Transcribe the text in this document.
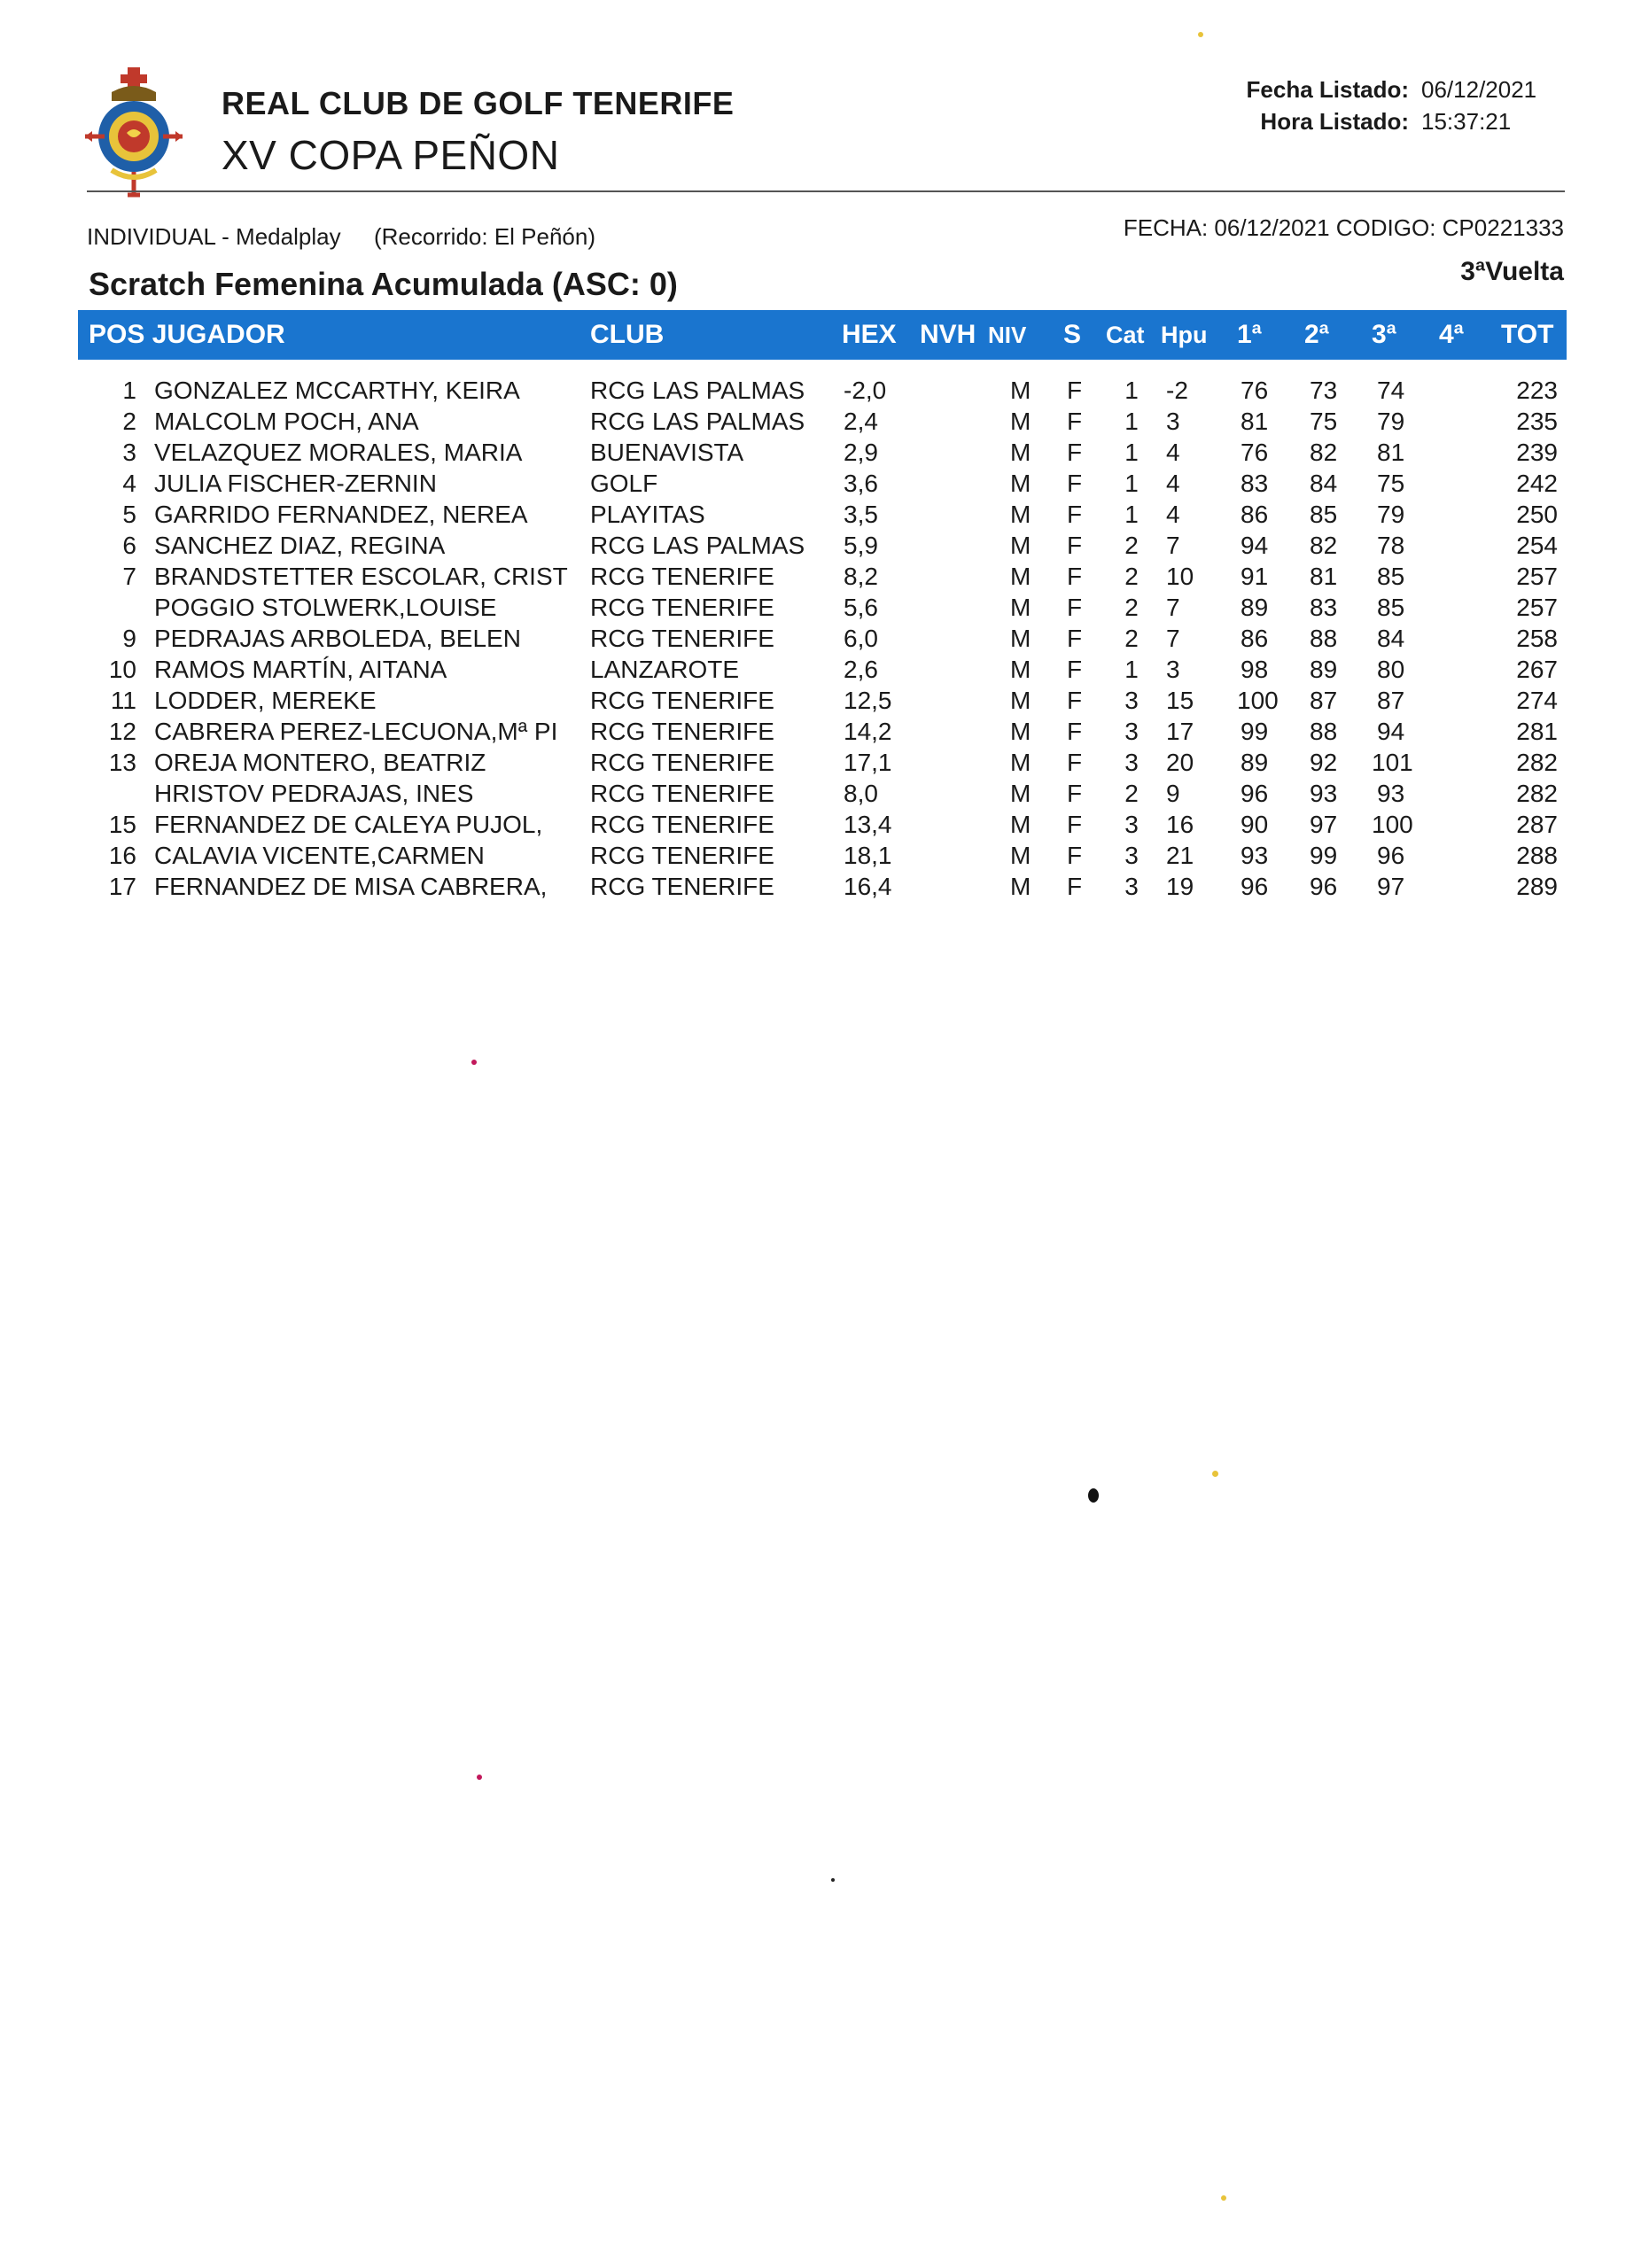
REAL CLUB DE GOLF TENERIFE
XV COPA PEÑON
Fecha Listado: 06/12/2021
Hora Listado: 15:37:21
INDIVIDUAL - Medalplay (Recorrido: El Peñón)	FECHA: 06/12/2021 CODIGO: CP0221333
Scratch Femenina Acumulada (ASC: 0)	3ªVuelta
POS JUGADOR	CLUB	HEX NVH NIV S Cat Hpu 1ª 2ª 3ª 4ª TOT
1 GONZALEZ MCCARTHY, KEIRA	RCG LAS PALMAS -2,0	M F 1 -2 76 73 74	223
2 MALCOLM POCH, ANA	RCG LAS PALMAS 2,4	M F 1 3 81 75 79	235
3 VELAZQUEZ MORALES, MARIA	BUENAVISTA	2,9	M F 1 4 76 82 81	239
4 JULIA FISCHER-ZERNIN	GOLF	3,6	M F 1 4 83 84 75	242
5 GARRIDO FERNANDEZ, NEREA	PLAYITAS	3,5	M F 1 4 86 85 79	250
6 SANCHEZ DIAZ, REGINA	RCG LAS PALMAS 5,9	M F 2 7 94 82 78	254
7 BRANDSTETTER ESCOLAR, CRIST RCG TENERIFE	8,2	M F 2 10 91 81 85	257
POGGIO STOLWERK,LOUISE	RCG TENERIFE	5,6	M F 2 7 89 83 85	257
9 PEDRAJAS ARBOLEDA, BELEN	RCG TENERIFE	6,0	M F 2 7 86 88 84	258
10 RAMOS MARTÍN, AITANA	LANZAROTE	2,6	M F 1 3 98 89 80	267
11 LODDER, MEREKE	RCG TENERIFE	12,5	M F 3 15 100 87 87	274
12 CABRERA PEREZ-LECUONA,Mª PI RCG TENERIFE	14,2	M F 3 17 99 88 94	281
13 OREJA MONTERO, BEATRIZ	RCG TENERIFE	17,1	M F 3 20 89 92 101	282
HRISTOV PEDRAJAS, INES	RCG TENERIFE	8,0	M F 2 9 96 93 93	282
15 FERNANDEZ DE CALEYA PUJOL, RCG TENERIFE	13,4	M F 3 16 90 97 100	287
16 CALAVIA VICENTE,CARMEN	RCG TENERIFE	18,1	M F 3 21 93 99 96	288
17 FERNANDEZ DE MISA CABRERA, RCG TENERIFE	16,4	M F 3 19 96 96 97	289
